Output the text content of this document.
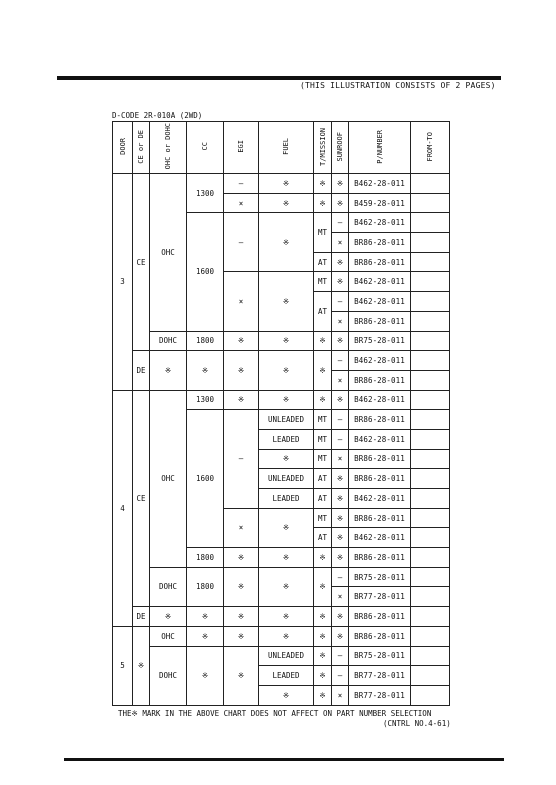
(THIS ILLUSTRATION CONSISTS OF 2 PAGES)
D-CODE 2R-010A (2WD)
DOOR	CE or DE	OHC or DOHC	CC	EGI	FUEL	T/MISSION	SUNROOF	P/NUMBER	FROM-TO
3	CE	OHC	1300	–	※	※	※	B462-28-011	
				×	※	※	※	B459-28-011	
			1600	–	※	MT	–	B462-28-011	
							×	BR86-28-011	
						AT	※	BR86-28-011	
				×	※	MT	※	B462-28-011	
						AT	–	B462-28-011	
							×	BR86-28-011	
		DOHC	1800	※	※	※	※	BR75-28-011	
	DE	※	※	※	※	※	–	B462-28-011	
							×	BR86-28-011	
4	CE	OHC	1300	※	※	※	※	B462-28-011	
			1600	–	UNLEADED	MT	–	BR86-28-011	
					LEADED	MT	–	B462-28-011	
					※	MT	×	BR86-28-011	
					UNLEADED	AT	※	BR86-28-011	
					LEADED	AT	※	B462-28-011	
				×	※	MT	※	BR86-28-011	
						AT	※	B462-28-011	
			1800	※	※	※	※	BR86-28-011	
		DOHC	1800	※	※	※	–	BR75-28-011	
							×	BR77-28-011	
	DE	※	※	※	※	※	※	BR86-28-011	
5	※	OHC	※	※	※	※	※	BR86-28-011	
		DOHC	※	※	UNLEADED	※	–	BR75-28-011	
					LEADED	※	–	BR77-28-011	
					※	※	×	BR77-28-011	
THE※ MARK IN THE ABOVE CHART DOES NOT AFFECT ON PART NUMBER SELECTION
(CNTRL NO.4-61)
